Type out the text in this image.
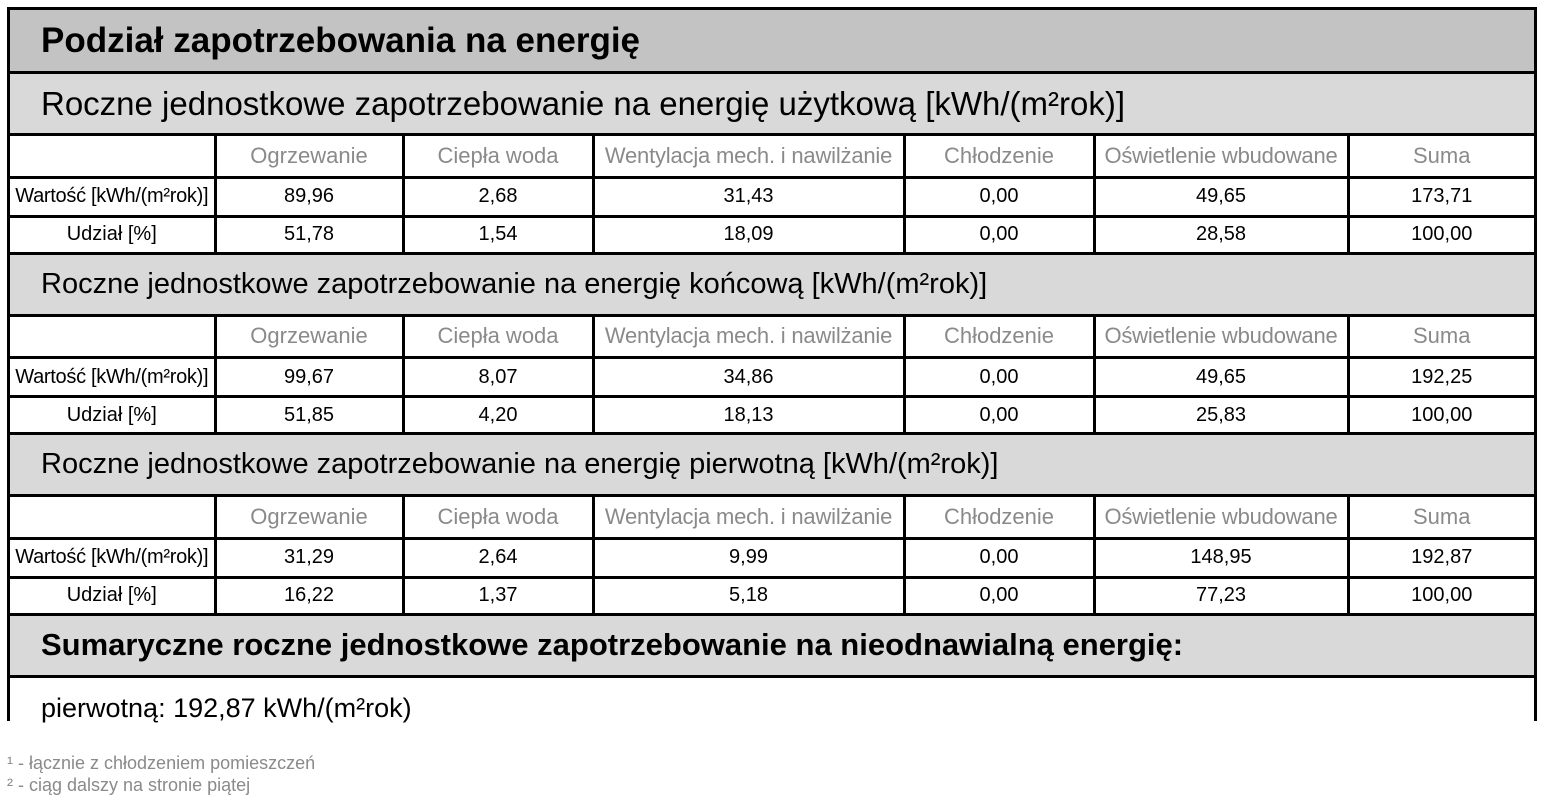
Podział zapotrzebowania na energię
Roczne jednostkowe zapotrzebowanie na energię użytkową [kWh/(m²rok)]
	Ogrzewanie	Ciepła woda	Wentylacja mech. i nawilżanie	Chłodzenie	Oświetlenie wbudowane	Suma
Wartość [kWh/(m²rok)]	89,96	2,68	31,43	0,00	49,65	173,71
Udział [%]	51,78	1,54	18,09	0,00	28,58	100,00
Roczne jednostkowe zapotrzebowanie na energię końcową [kWh/(m²rok)]
	Ogrzewanie	Ciepła woda	Wentylacja mech. i nawilżanie	Chłodzenie	Oświetlenie wbudowane	Suma
Wartość [kWh/(m²rok)]	99,67	8,07	34,86	0,00	49,65	192,25
Udział [%]	51,85	4,20	18,13	0,00	25,83	100,00
Roczne jednostkowe zapotrzebowanie na energię pierwotną [kWh/(m²rok)]
	Ogrzewanie	Ciepła woda	Wentylacja mech. i nawilżanie	Chłodzenie	Oświetlenie wbudowane	Suma
Wartość [kWh/(m²rok)]	31,29	2,64	9,99	0,00	148,95	192,87
Udział [%]	16,22	1,37	5,18	0,00	77,23	100,00
Sumaryczne roczne jednostkowe zapotrzebowanie na nieodnawialną energię:
pierwotną: 192,87 kWh/(m²rok)
¹ - łącznie z chłodzeniem pomieszczeń
² - ciąg dalszy na stronie piątej
